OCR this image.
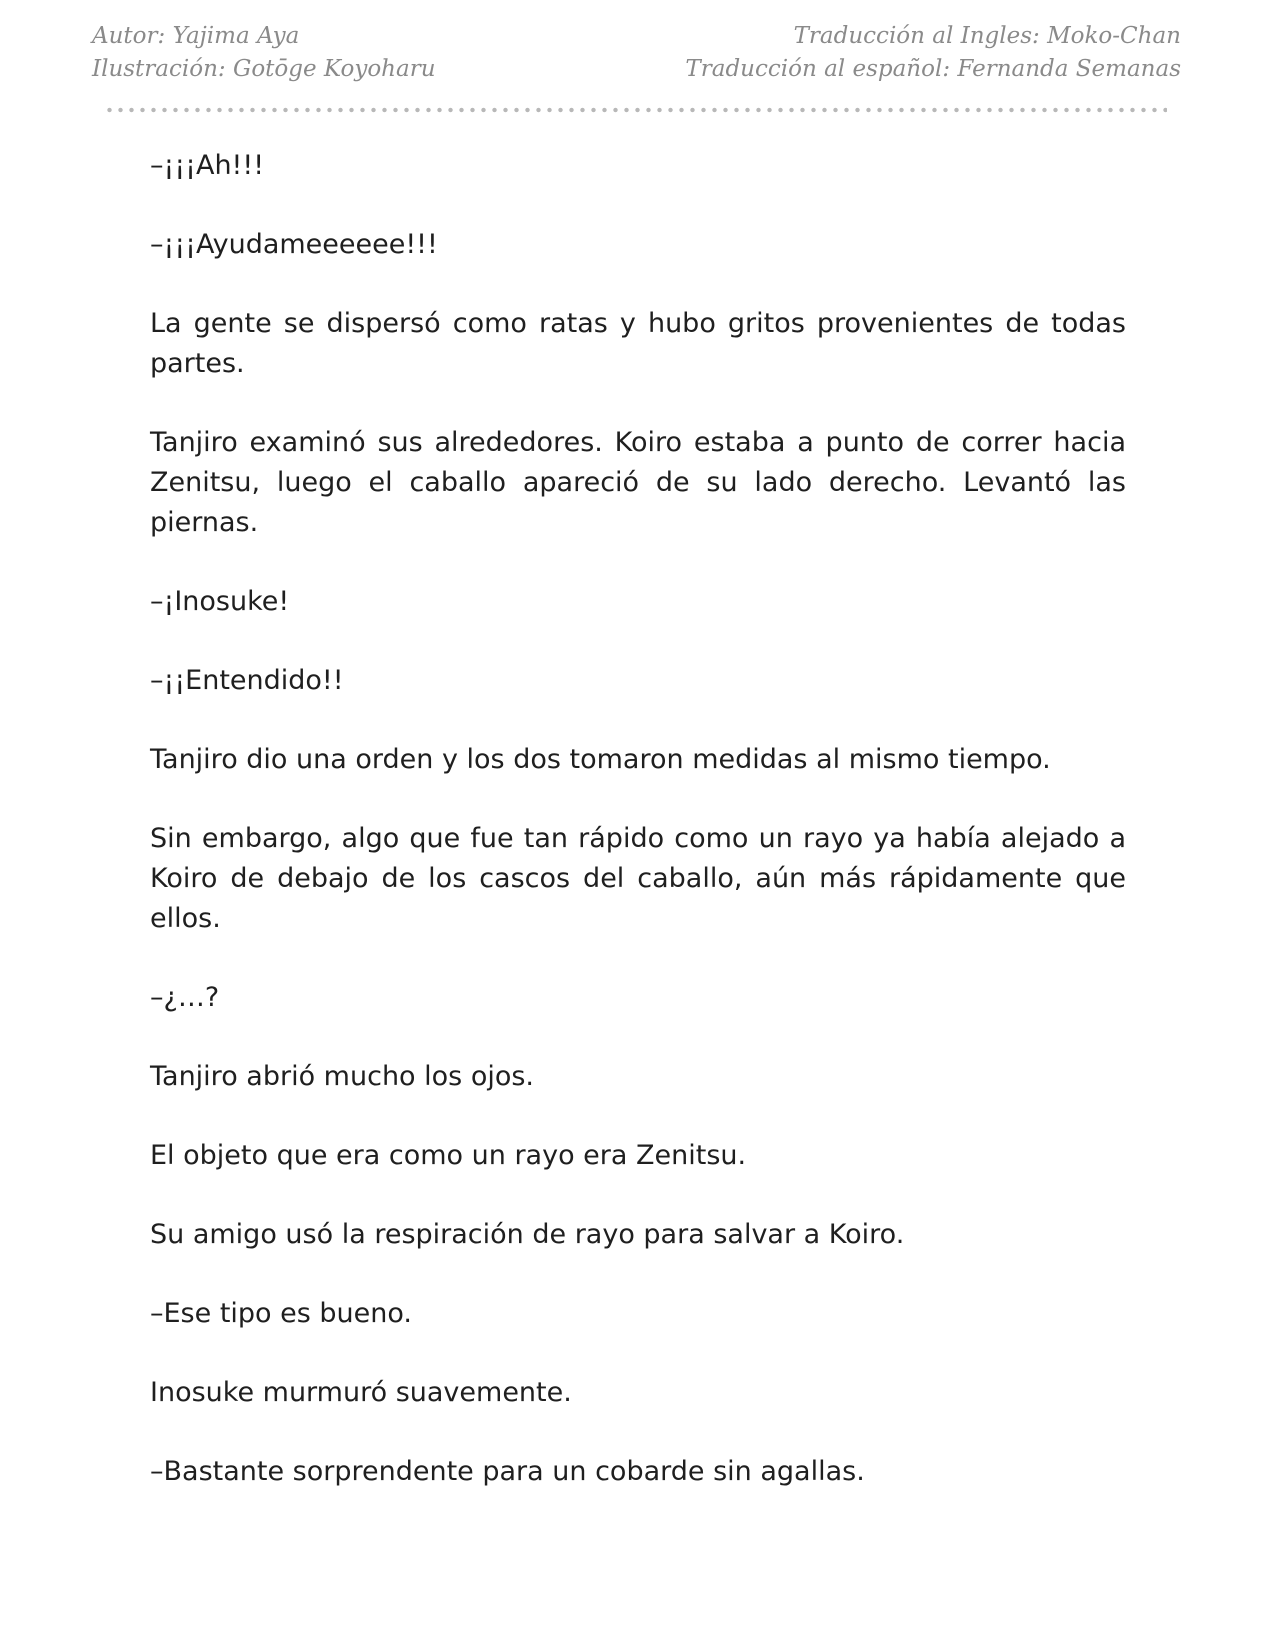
Autor: Yajima Aya
Ilustración: Gotōge Koyoharu
Traducción al Ingles: Moko-Chan
Traducción al español: Fernanda Semanas

–¡¡¡Ah!!!

–¡¡¡Ayudameeeeee!!!

La gente se dispersó como ratas y hubo gritos provenientes de todas partes.

Tanjiro examinó sus alrededores. Koiro estaba a punto de correr hacia Zenitsu, luego el caballo apareció de su lado derecho. Levantó las piernas.

–¡Inosuke!

–¡¡Entendido!!

Tanjiro dio una orden y los dos tomaron medidas al mismo tiempo.

Sin embargo, algo que fue tan rápido como un rayo ya había alejado a Koiro de debajo de los cascos del caballo, aún más rápidamente que ellos.

–¿…?

Tanjiro abrió mucho los ojos.

El objeto que era como un rayo era Zenitsu.

Su amigo usó la respiración de rayo para salvar a Koiro.

–Ese tipo es bueno.

Inosuke murmuró suavemente.

–Bastante sorprendente para un cobarde sin agallas.
